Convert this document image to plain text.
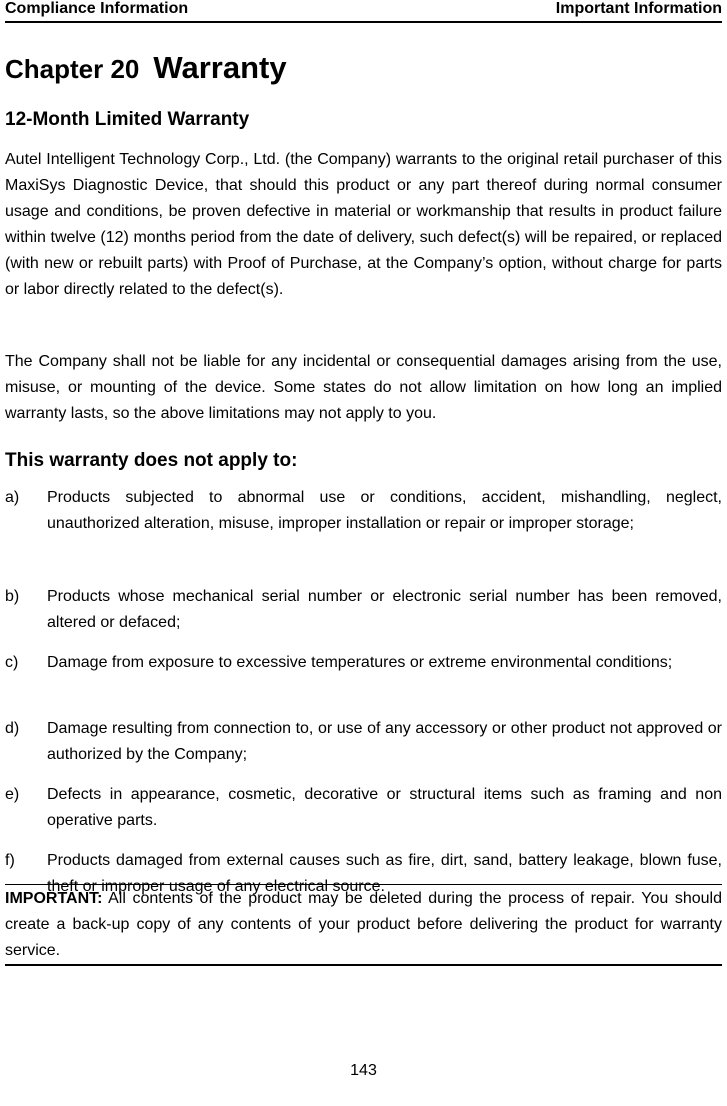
Compliance Information	Important Information
Chapter 20 Warranty
12-Month Limited Warranty
Autel Intelligent Technology Corp., Ltd. (the Company) warrants to the original retail purchaser of this MaxiSys Diagnostic Device, that should this product or any part thereof during normal consumer usage and conditions, be proven defective in material or workmanship that results in product failure within twelve (12) months period from the date of delivery, such defect(s) will be repaired, or replaced (with new or rebuilt parts) with Proof of Purchase, at the Company’s option, without charge for parts or labor directly related to the defect(s).
The Company shall not be liable for any incidental or consequential damages arising from the use, misuse, or mounting of the device. Some states do not allow limitation on how long an implied warranty lasts, so the above limitations may not apply to you.
This warranty does not apply to:
a) Products subjected to abnormal use or conditions, accident, mishandling, neglect, unauthorized alteration, misuse, improper installation or repair or improper storage;
b) Products whose mechanical serial number or electronic serial number has been removed, altered or defaced;
c) Damage from exposure to excessive temperatures or extreme environmental conditions;
d) Damage resulting from connection to, or use of any accessory or other product not approved or authorized by the Company;
e) Defects in appearance, cosmetic, decorative or structural items such as framing and non operative parts.
f) Products damaged from external causes such as fire, dirt, sand, battery leakage, blown fuse, theft or improper usage of any electrical source.
IMPORTANT: All contents of the product may be deleted during the process of repair. You should create a back-up copy of any contents of your product before delivering the product for warranty service.
143
